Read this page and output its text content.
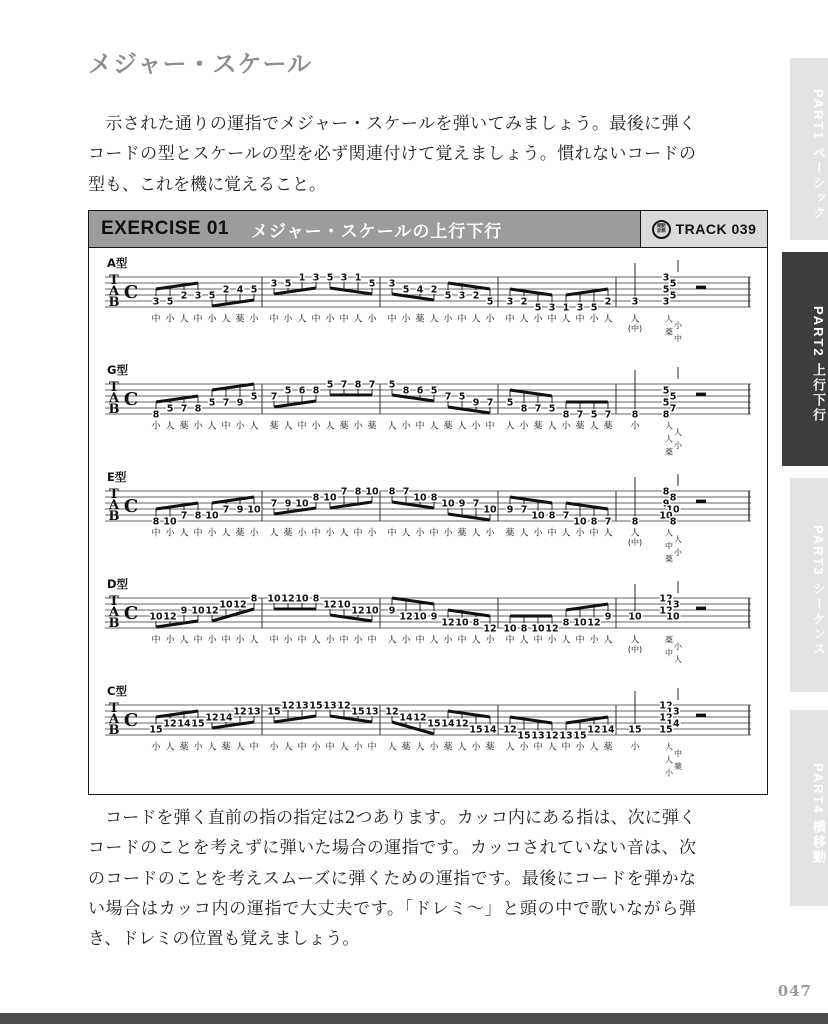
メジャー・スケール

　示された通りの運指でメジャー・スケールを弾いてみましょう。最後に弾くコードの型とスケールの型を必ず関連付けて覚えましょう。慣れないコードの型も、これを機に覚えること。

EXERCISE 01 メジャー・スケールの上行下行	連動
音源 TRACK 039
A型
T
A
B C 3
中
5
小
2
人
3
中
5
小
2
人
4
薬
5
小
3
中
5
小
1
人
3
中
5
小
3
中
1
人
5
小
3
中
5
小
4
薬
2
人
5
小
3
中
2
人
5
小
3
中
2
人
5
小
3
中
1
人
3
中
5
小
2
人
3
人
(中)
3
5
5
5
3
人
小
薬
中
G型
T
A
B C
8
小
5
人
7
薬
8
小
5
人
7
中
9
小
5
人
7
薬
5
人
6
中
8
小
5
人
7
薬
8
小
7
薬
5
人
8
小
6
中
5
人
7
薬
5
人
9
小
7
中
5
人
8
小
7
薬
5
人
8
小
7
薬
5
人
7
薬
8
小
5
5
5
7
8
人
人
人
小
薬
E型
T
A
B C
8
中
10
小
7
人
8
中
10
小
7
人
9
薬
10
小
7
人
9
薬
10
小
8
中
10
小
7
人
8
中
10
小
8
中
7
人
10
小
8
中
10
小
9
薬
7
人
10
小
9
薬
7
人
10
小
8
中
7
人
10
小
8
中
7
人
8
人
(中)
8
8
9
10
10
8
人
人
中
小
薬
D型
T
A
B C 10
中
12
小
9
人
10
中
12
小
10
中
12
小
8
人
10
中
12
小
10
中
8
人
12
小
10
中
12
小
10
中
9
人
12
小
10
中
9
人
12
小
10
中
8
人
12
小
10
中
8
人
10
中
12
小
8
人
10
中
12
小
9
人
10
人
(中)
12
13
12
10
薬
小
中
人
C型
T
A
B C 15
小
12
人
14
薬
15
小
12
人
14
薬
12
人
13
中
15
小
12
人
13
中
15
小
13
中
12
人
15
小
13
中
12
人
14
薬
12
人
15
小
14
薬
12
人
15
小
14
薬
12
人
15
小
13
中
12
人
13
中
15
小
12
人
14
薬
15
小
12
13
12
14
15
人
中
人
薬
小

　コードを弾く直前の指の指定は2つあります。カッコ内にある指は、次に弾くコードのことを考えずに弾いた場合の運指です。カッコされていない音は、次のコードのことを考えスムーズに弾くための運指です。最後にコードを弾かない場合はカッコ内の運指で大丈夫です。「ドレミ〜」と頭の中で歌いながら弾き、ドレミの位置も覚えましょう。

PART1 ベーシック
PART2 上行下行
PART3 シーケンス
PART4 横移動
047
